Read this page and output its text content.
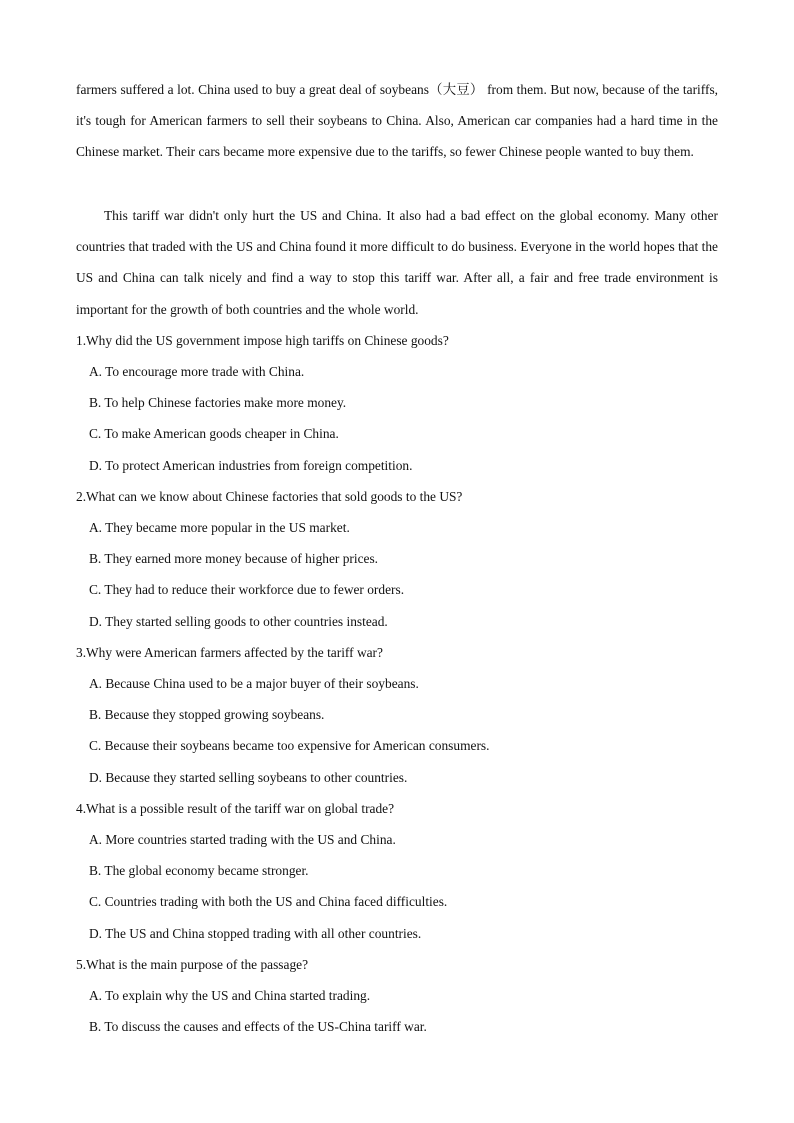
farmers suffered a lot. China used to buy a great deal of soybeans（大豆） from them. But now, because of the tariffs, it's tough for American farmers to sell their soybeans to China. Also, American car companies had a hard time in the Chinese market. Their cars became more expensive due to the tariffs, so fewer Chinese people wanted to buy them.

This tariff war didn't only hurt the US and China. It also had a bad effect on the global economy. Many other countries that traded with the US and China found it more difficult to do business. Everyone in the world hopes that the US and China can talk nicely and find a way to stop this tariff war. After all, a fair and free trade environment is important for the growth of both countries and the whole world.

1.Why did the US government impose high tariffs on Chinese goods?
A. To encourage more trade with China.
B. To help Chinese factories make more money.
C. To make American goods cheaper in China.
D. To protect American industries from foreign competition.
2.What can we know about Chinese factories that sold goods to the US?
A. They became more popular in the US market.
B. They earned more money because of higher prices.
C. They had to reduce their workforce due to fewer orders.
D. They started selling goods to other countries instead.
3.Why were American farmers affected by the tariff war?
A. Because China used to be a major buyer of their soybeans.
B. Because they stopped growing soybeans.
C. Because their soybeans became too expensive for American consumers.
D. Because they started selling soybeans to other countries.
4.What is a possible result of the tariff war on global trade?
A. More countries started trading with the US and China.
B. The global economy became stronger.
C. Countries trading with both the US and China faced difficulties.
D. The US and China stopped trading with all other countries.
5.What is the main purpose of the passage?
A. To explain why the US and China started trading.
B. To discuss the causes and effects of the US-China tariff war.
